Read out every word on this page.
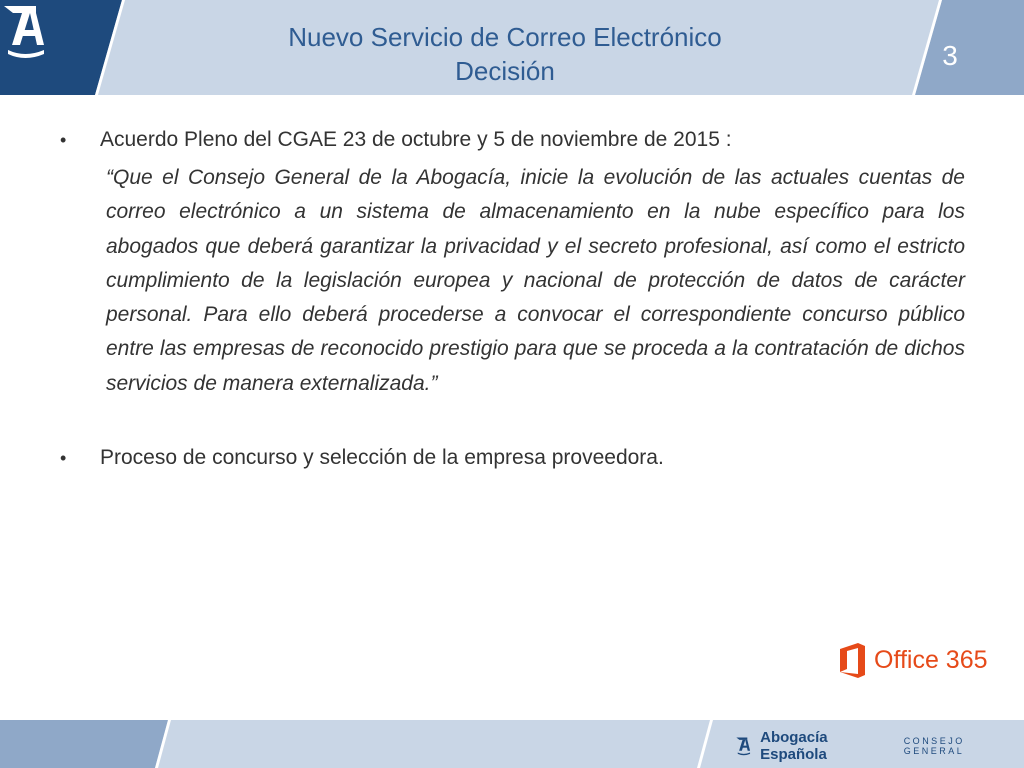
Nuevo Servicio de Correo Electrónico
Decisión	3
• Acuerdo Pleno del CGAE 23 de octubre y 5 de noviembre de 2015 :
“Que el Consejo General de la Abogacía, inicie la evolución de las actuales cuentas de correo electrónico a un sistema de almacenamiento en la nube específico para los abogados que deberá garantizar la privacidad y el secreto profesional, así como el estricto cumplimiento de la legislación europea y nacional de protección de datos de carácter personal. Para ello deberá procederse a convocar el correspondiente concurso público entre las empresas de reconocido prestigio para que se proceda a la contratación de dichos servicios de manera externalizada.”
• Proceso de concurso y selección de la empresa proveedora.
Office 365
Abogacía Española
CONSEJO GENERAL
